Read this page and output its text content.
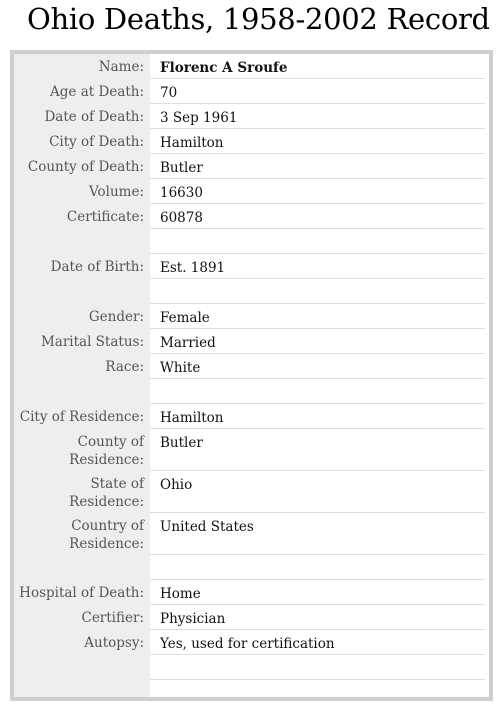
Ohio Deaths, 1958-2002 Record
Name: Florenc A Sroufe
Age at Death: 70
Date of Death: 3 Sep 1961
City of Death: Hamilton
County of Death: Butler
Volume: 16630
Certificate: 60878
Date of Birth: Est. 1891
Gender: Female
Marital Status: Married
Race: White
City of Residence: Hamilton
County of
Residence:
Butler
State of
Residence:
Ohio
Country of
Residence:
United States
Hospital of Death: Home
Certifier: Physician
Autopsy: Yes, used for certification
